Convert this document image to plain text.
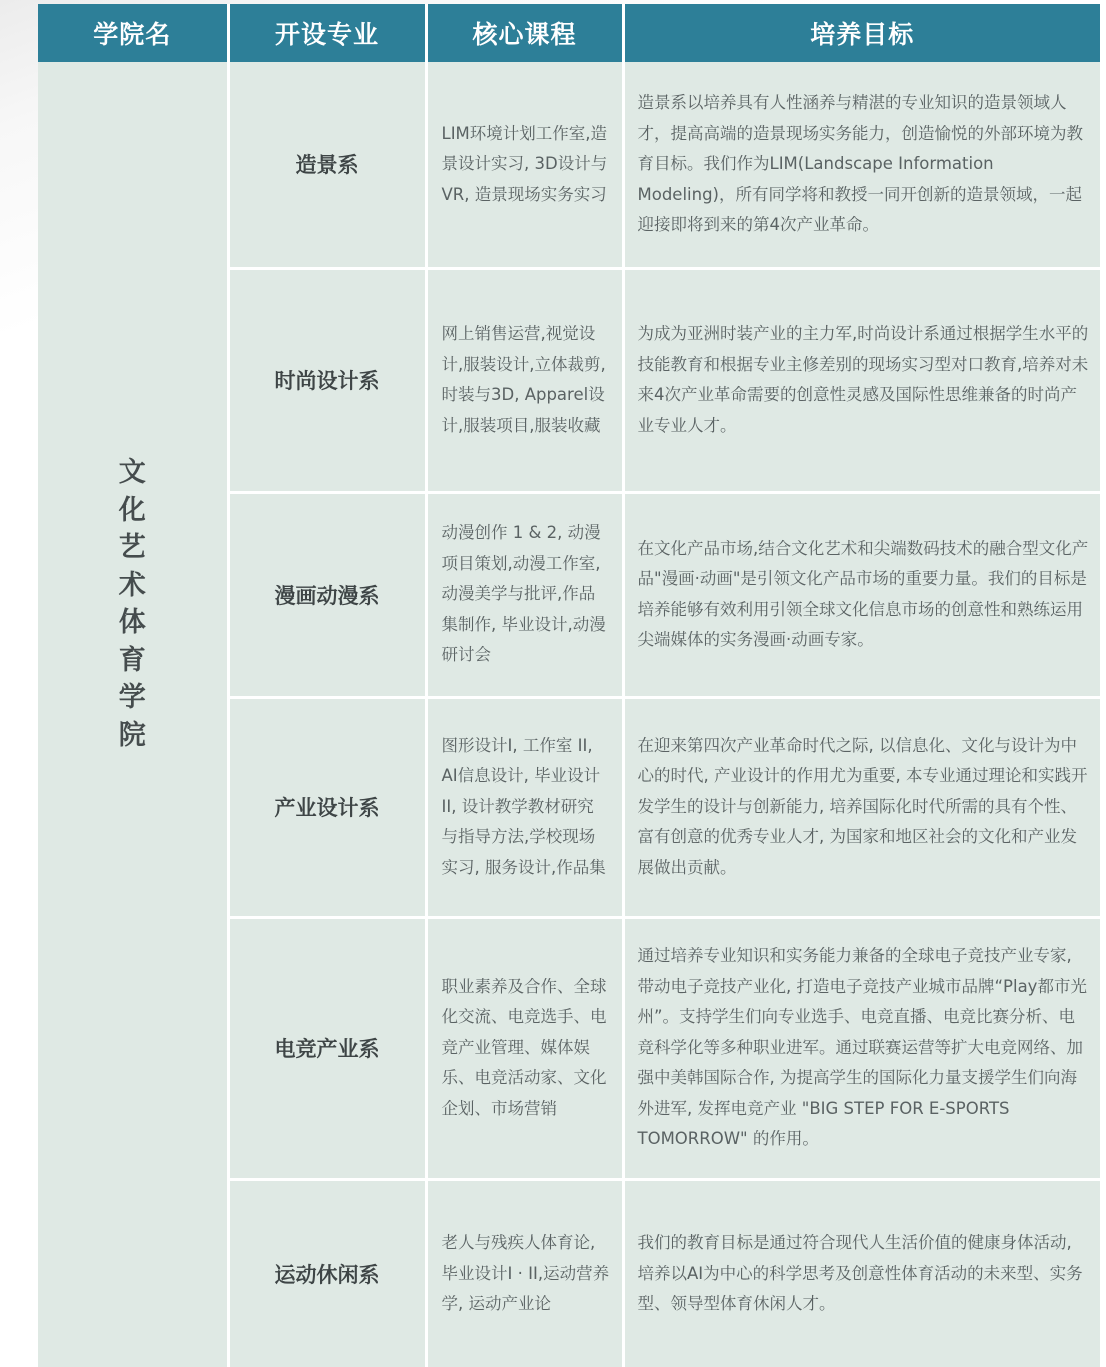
学院名	开设专业	核心课程	培养目标

文化艺术体育学院	造景系	LIM环境计划工作室,造景设计实习, 3D设计与VR, 造景现场实务实习	造景系以培养具有人性涵养与精湛的专业知识的造景领域人才，提高高端的造景现场实务能力，创造愉悦的外部环境为教育目标。我们作为LIM(Landscape Information Modeling)，所有同学将和教授一同开创新的造景领域，一起迎接即将到来的第4次产业革命。

	时尚设计系	网上销售运营,视觉设计,服装设计,立体裁剪, 时装与3D, Apparel设计,服装项目,服装收藏	为成为亚洲时装产业的主力军,时尚设计系通过根据学生水平的技能教育和根据专业主修差别的现场实习型对口教育,培养对未来4次产业革命需要的创意性灵感及国际性思维兼备的时尚产业专业人才。

	漫画动漫系	动漫创作 1 & 2, 动漫项目策划,动漫工作室, 动漫美学与批评,作品集制作, 毕业设计,动漫研讨会	在文化产品市场,结合文化艺术和尖端数码技术的融合型文化产品"漫画·动画"是引领文化产品市场的重要力量。我们的目标是培养能够有效利用引领全球文化信息市场的创意性和熟练运用尖端媒体的实务漫画·动画专家。

	产业设计系	图形设计I, 工作室 II, AI信息设计, 毕业设计II, 设计教学教材研究与指导方法,学校现场实习, 服务设计,作品集	在迎来第四次产业革命时代之际, 以信息化、文化与设计为中心的时代, 产业设计的作用尤为重要, 本专业通过理论和实践开发学生的设计与创新能力, 培养国际化时代所需的具有个性、富有创意的优秀专业人才, 为国家和地区社会的文化和产业发展做出贡献。

	电竞产业系	职业素养及合作、全球化交流、电竞选手、电竞产业管理、媒体娱乐、电竞活动家、文化企划、市场营销	通过培养专业知识和实务能力兼备的全球电子竞技产业专家, 带动电子竞技产业化, 打造电子竞技产业城市品牌“Play都市光州”。支持学生们向专业选手、电竞直播、电竞比赛分析、电竞科学化等多种职业进军。通过联赛运营等扩大电竞网络、加强中美韩国际合作, 为提高学生的国际化力量支援学生们向海外进军, 发挥电竞产业 "BIG STEP FOR E-SPORTS TOMORROW" 的作用。

	运动休闲系	老人与残疾人体育论, 毕业设计I · II,运动营养学, 运动产业论	我们的教育目标是通过符合现代人生活价值的健康身体活动, 培养以AI为中心的科学思考及创意性体育活动的未来型、实务型、领导型体育休闲人才。
